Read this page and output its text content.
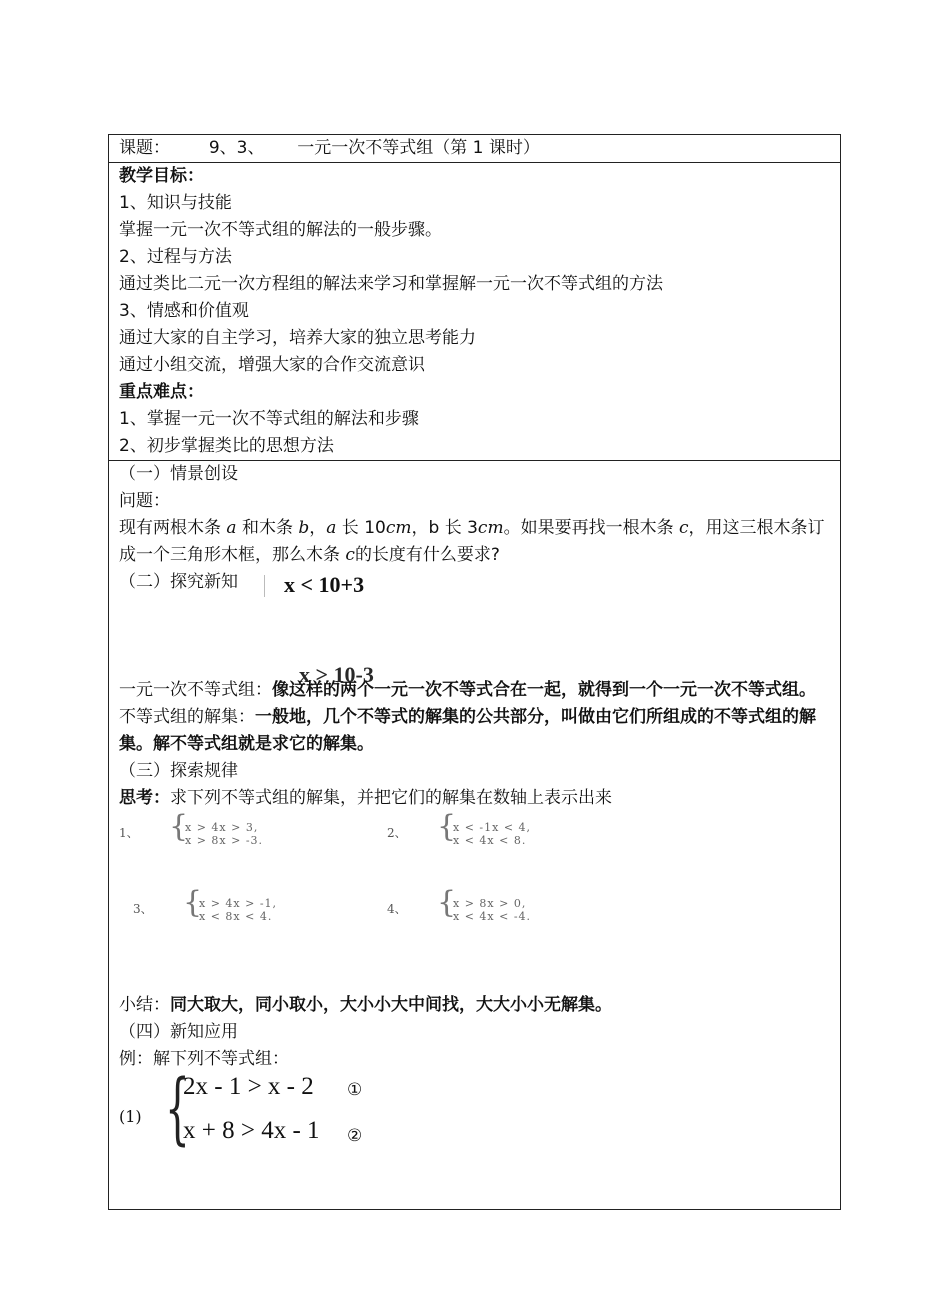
课题： 9、3、 一元一次不等式组（第 1 课时）

教学目标：
1、知识与技能
掌握一元一次不等式组的解法的一般步骤。
2、过程与方法
通过类比二元一次方程组的解法来学习和掌握解一元一次不等式组的方法
3、情感和价值观
通过大家的自主学习，培养大家的独立思考能力
通过小组交流，增强大家的合作交流意识
重点难点：
1、掌握一元一次不等式组的解法和步骤
2、初步掌握类比的思想方法

（一）情景创设
问题：
现有两根木条 a 和木条 b，a 长 10cm，b 长 3cm。如果要再找一根木条 c，用这三根木条订成一个三角形木框，那么木条 c的长度有什么要求?
（二）探究新知	x < 10+3
x > 10-3
一元一次不等式组：像这样的两个一元一次不等式合在一起，就得到一个一元一次不等式组。
不等式组的解集：一般地，几个不等式的解集的公共部分，叫做由它们所组成的不等式组的解集。解不等式组就是求它的解集。
（三）探索规律
思考：求下列不等式组的解集，并把它们的解集在数轴上表示出来
1、 {
x > 4x > 3,
x > 8x > -3.
2、 {
x < -1x < 4,
x < 4x < 8.
3、 {
x > 4x > -1,
x < 8x < 4.
4、 {
x > 8x > 0,
x < 4x < -4.
小结：同大取大，同小取小，大小小大中间找，大大小小无解集。
（四）新知应用
例：解下列不等式组：
(1) {
2x - 1 > x - 2 ①
x + 8 > 4x - 1 ②
